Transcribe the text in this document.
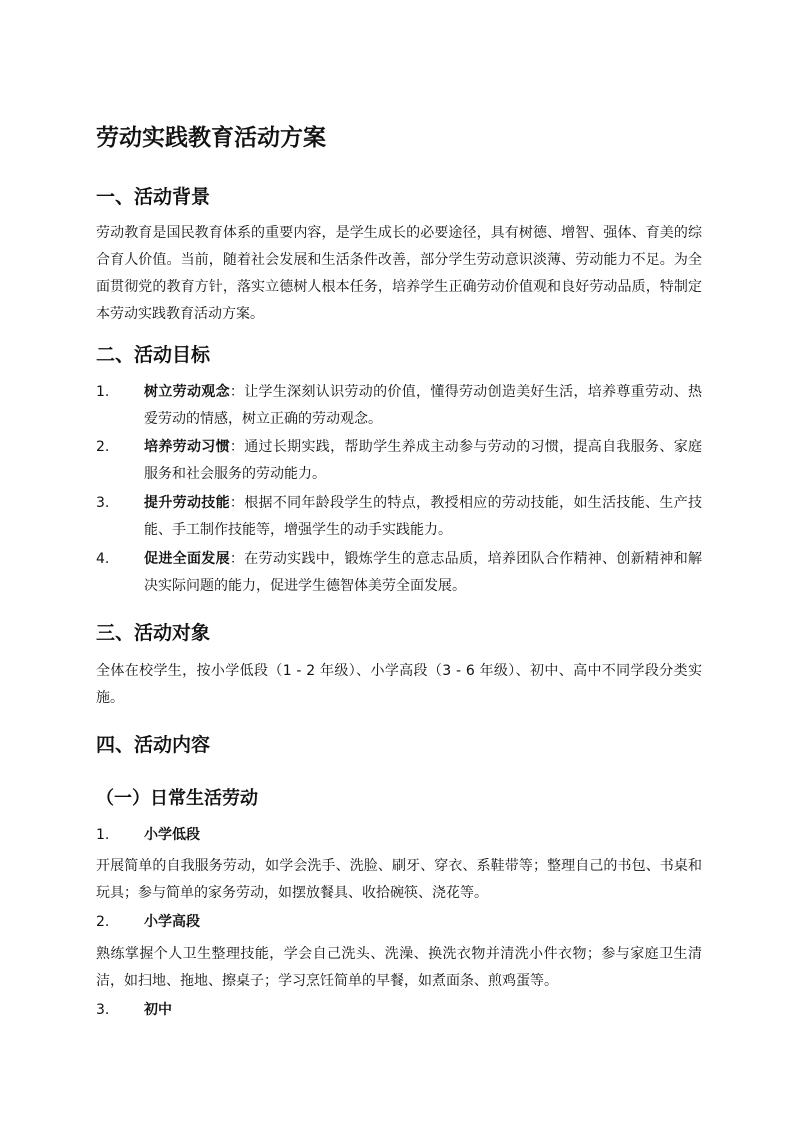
劳动实践教育活动方案
一、活动背景

劳动教育是国民教育体系的重要内容，是学生成长的必要途径，具有树德、增智、强体、育美的综合育人价值。当前，随着社会发展和生活条件改善，部分学生劳动意识淡薄、劳动能力不足。为全面贯彻党的教育方针，落实立德树人根本任务，培养学生正确劳动价值观和良好劳动品质，特制定本劳动实践教育活动方案。

二、活动目标
1. 树立劳动观念：让学生深刻认识劳动的价值，懂得劳动创造美好生活，培养尊重劳动、热爱劳动的情感，树立正确的劳动观念。
2. 培养劳动习惯：通过长期实践，帮助学生养成主动参与劳动的习惯，提高自我服务、家庭服务和社会服务的劳动能力。
3. 提升劳动技能：根据不同年龄段学生的特点，教授相应的劳动技能，如生活技能、生产技能、手工制作技能等，增强学生的动手实践能力。
4. 促进全面发展：在劳动实践中，锻炼学生的意志品质，培养团队合作精神、创新精神和解决实际问题的能力，促进学生德智体美劳全面发展。
三、活动对象

全体在校学生，按小学低段（1 - 2 年级）、小学高段（3 - 6 年级）、初中、高中不同学段分类实施。

四、活动内容
（一）日常生活劳动
1. 小学低段

开展简单的自我服务劳动，如学会洗手、洗脸、刷牙、穿衣、系鞋带等；整理自己的书包、书桌和玩具；参与简单的家务劳动，如摆放餐具、收拾碗筷、浇花等。

2. 小学高段

熟练掌握个人卫生整理技能，学会自己洗头、洗澡、换洗衣物并清洗小件衣物；参与家庭卫生清洁，如扫地、拖地、擦桌子；学习烹饪简单的早餐，如煮面条、煎鸡蛋等。

3. 初中
